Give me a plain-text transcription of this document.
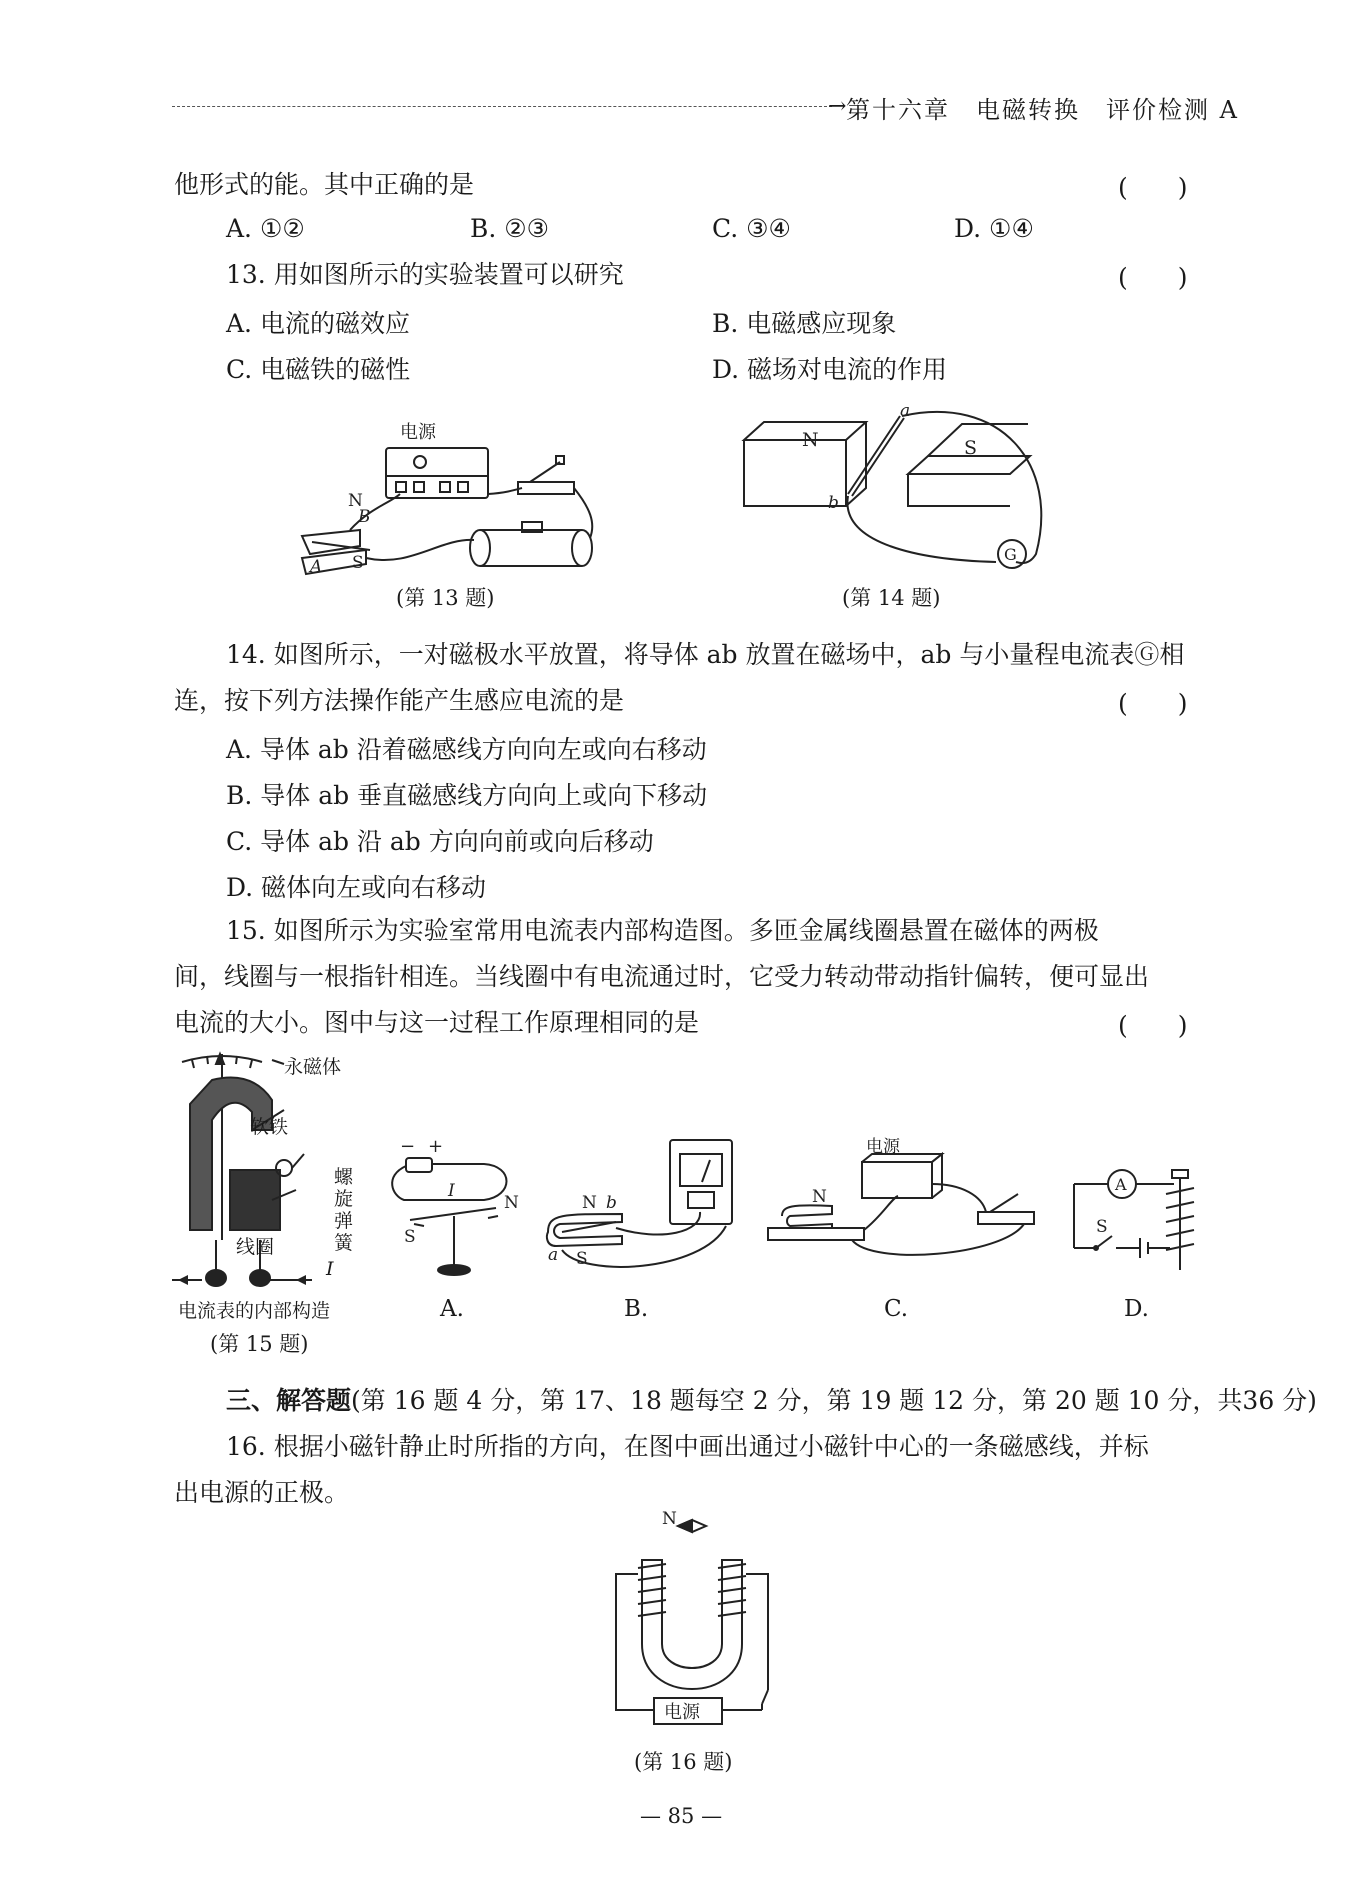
→ 第十六章　电磁转换　评价检测 A
他形式的能。其中正确的是	(　　)
A. ①②	B. ②③	C. ③④	D. ①④
13. 用如图所示的实验装置可以研究	(　　)
A. 电流的磁效应	B. 电磁感应现象
C. 电磁铁的磁性	D. 磁场对电流的作用
电源
N
B
A S
(第 13 题)
N	S
a
b
G
(第 14 题)
14. 如图所示，一对磁极水平放置，将导体 ab 放置在磁场中，ab 与小量程电流表Ⓖ相
连，按下列方法操作能产生感应电流的是	(　　)
A. 导体 ab 沿着磁感线方向向左或向右移动
B. 导体 ab 垂直磁感线方向向上或向下移动
C. 导体 ab 沿 ab 方向向前或向后移动
D. 磁体向左或向右移动
15. 如图所示为实验室常用电流表内部构造图。多匝金属线圈悬置在磁体的两极
间，线圈与一根指针相连。当线圈中有电流通过时，它受力转动带动指针偏转，便可显出
电流的大小。图中与这一过程工作原理相同的是	(　　)
永磁体
软铁
螺
旋
弹
簧
线圈
I
电流表的内部构造
(第 15 题)
− +
I
S
N
A.
N b
a S
B.
电源
N
C.
A
S
D.
三、解答题(第 16 题 4 分，第 17、18 题每空 2 分，第 19 题 12 分，第 20 题 10 分，共36 分)
16. 根据小磁针静止时所指的方向，在图中画出通过小磁针中心的一条磁感线，并标
出电源的正极。
N
电源
(第 16 题)
— 85 —
